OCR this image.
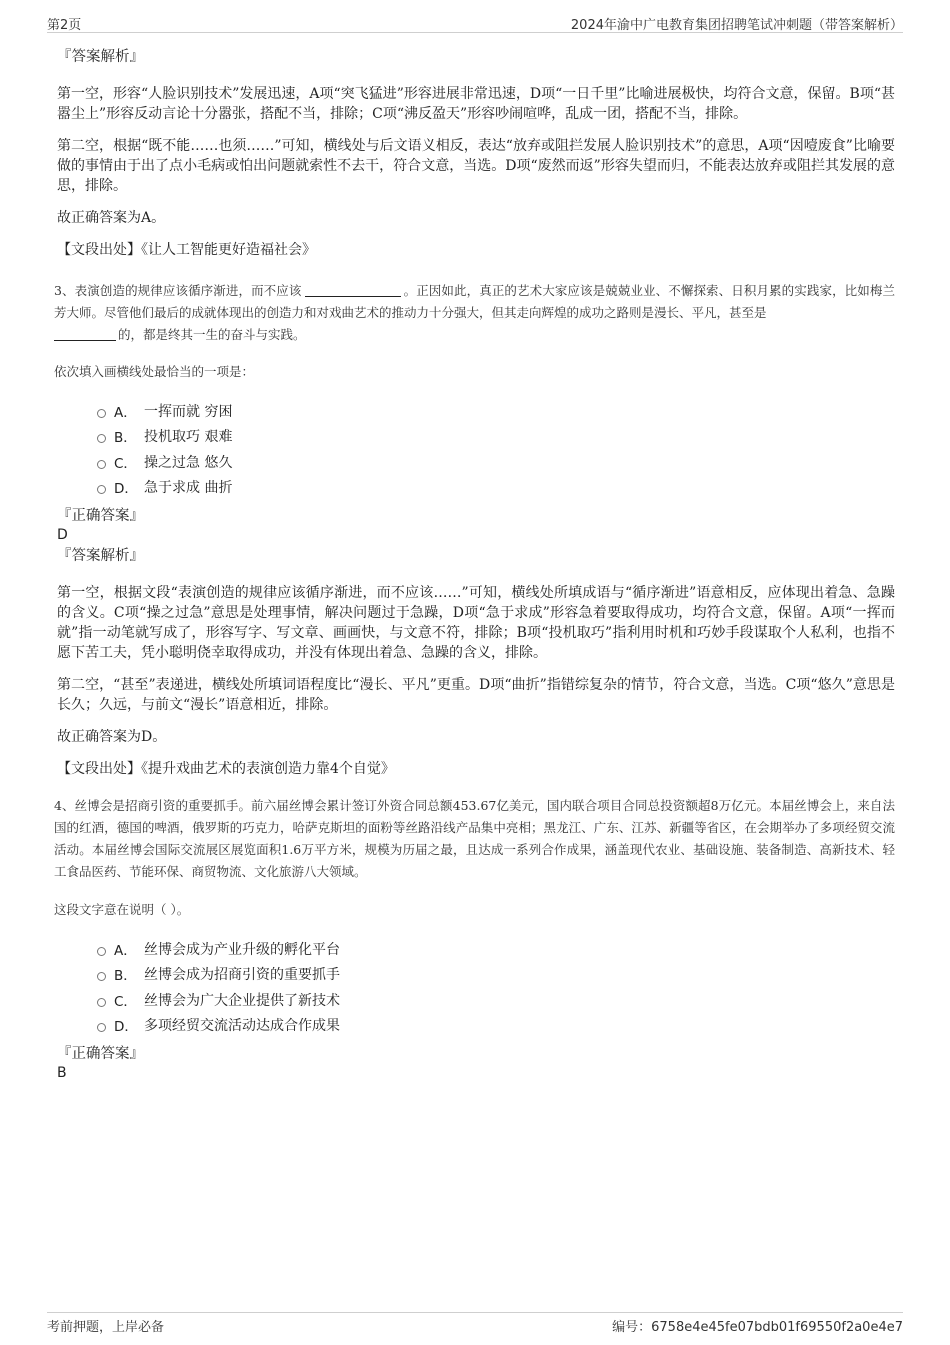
第2页	2024年渝中广电教育集团招聘笔试冲刺题（带答案解析）

『答案解析』

第一空，形容“人脸识别技术”发展迅速，A项“突飞猛进”形容进展非常迅速，D项“一日千里”比喻进展极快，均符合文意，保留。B项“甚嚣尘上”形容反动言论十分嚣张，搭配不当，排除；C项“沸反盈天”形容吵闹喧哗，乱成一团，搭配不当，排除。

第二空，根据“既不能……也须……”可知，横线处与后文语义相反，表达“放弃或阻拦发展人脸识别技术”的意思，A项“因噎废食”比喻要做的事情由于出了点小毛病或怕出问题就索性不去干，符合文意，当选。D项“废然而返”形容失望而归，不能表达放弃或阻拦其发展的意思，排除。

故正确答案为A。

【文段出处】《让人工智能更好造福社会》

3、表演创造的规律应该循序渐进，而不应该	。正因如此，真正的艺术大家应该是兢兢业业、不懈探索、日积月累的实践家，比如梅兰芳大师。尽管他们最后的成就体现出的创造力和对戏曲艺术的推动力十分强大，但其走向辉煌的成功之路则是漫长、平凡，甚至是
的，都是终其一生的奋斗与实践。

依次填入画横线处最恰当的一项是：

A． 一挥而就 穷困
B． 投机取巧 艰难
C． 操之过急 悠久
D． 急于求成 曲折

『正确答案』

D

『答案解析』

第一空，根据文段“表演创造的规律应该循序渐进，而不应该……”可知，横线处所填成语与“循序渐进”语意相反，应体现出着急、急躁的含义。C项“操之过急”意思是处理事情，解决问题过于急躁，D项“急于求成”形容急着要取得成功，均符合文意，保留。A项“一挥而就”指一动笔就写成了，形容写字、写文章、画画快，与文意不符，排除；B项“投机取巧”指利用时机和巧妙手段谋取个人私利，也指不愿下苦工夫，凭小聪明侥幸取得成功，并没有体现出着急、急躁的含义，排除。

第二空，“甚至”表递进，横线处所填词语程度比“漫长、平凡”更重。D项“曲折”指错综复杂的情节，符合文意，当选。C项“悠久”意思是长久；久远，与前文“漫长”语意相近，排除。

故正确答案为D。

【文段出处】《提升戏曲艺术的表演创造力靠4个自觉》

4、丝博会是招商引资的重要抓手。前六届丝博会累计签订外资合同总额453.67亿美元，国内联合项目合同总投资额超8万亿元。本届丝博会上，来自法国的红酒，德国的啤酒，俄罗斯的巧克力，哈萨克斯坦的面粉等丝路沿线产品集中亮相；黑龙江、广东、江苏、新疆等省区，在会期举办了多项经贸交流活动。本届丝博会国际交流展区展览面积1.6万平方米，规模为历届之最，且达成一系列合作成果，涵盖现代农业、基础设施、装备制造、高新技术、轻工食品医药、节能环保、商贸物流、文化旅游八大领域。

这段文字意在说明（ ）。

A． 丝博会成为产业升级的孵化平台
B． 丝博会成为招商引资的重要抓手
C． 丝博会为广大企业提供了新技术
D． 多项经贸交流活动达成合作成果

『正确答案』

B

考前押题，上岸必备	编号：6758e4e45fe07bdb01f69550f2a0e4e7
